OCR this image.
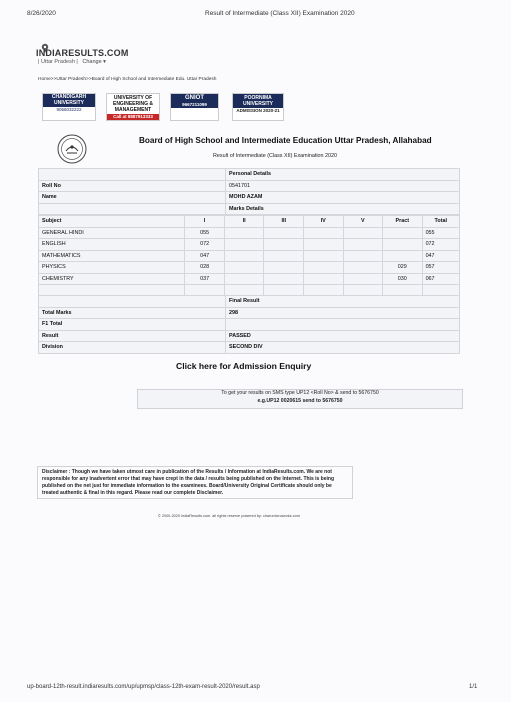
8/26/2020	Result of Intermediate (Class XII) Examination 2020
INDIARESULTS.COM
| Uttar Pradesh | Change ▾
Home>>Uttar Pradesh>>Board of High School and Intermediate Edu. Uttar Pradesh
CHANDIGARH UNIVERSITY
9056032222
UNIVERSITY OF ENGINEERING & MANAGEMENT
Call at 8887913333
GNIOT
9667211099
POORNIMA UNIVERSITY
ADMISSION 2020-21
Board of High School and Intermediate Education Uttar Pradesh, Allahabad
Result of Intermediate (Class XII) Examination 2020
	Personal Details
Roll No	0541701
Name	MOHD AZAM
	Marks Details
Subject	I	II	III	IV	V	Pract	Total
GENERAL HINDI	055						055
ENGLISH	072						072
MATHEMATICS	047						047
PHYSICS	028					029	057
CHEMISTRY	037					030	067

	Final Result
Total Marks	298
F1 Total	
Result	PASSED
Division	SECOND DIV
Click here for Admission Enquiry
To get your results on SMS type UP12 <Roll No> & send to 5676750
e.g.UP12 0020615 send to 5676750
Disclaimer : Though we have taken utmost care in publication of the Results / Information at IndiaResults.com. We are not responsible for any inadvertent error that may have crept in the data / results being published on the Internet. This is being published on the net just for immediate information to the examinees. Board/University Original Certificate should only be treated authentic & final in this regard. Please read our complete Disclaimer.
© 2000-2020 IndiaResults.com. all rights reserve powered by: charumicroworks.com
up-board-12th-result.indiaresults.com/up/upmsp/class-12th-exam-result-2020/result.asp	1/1
